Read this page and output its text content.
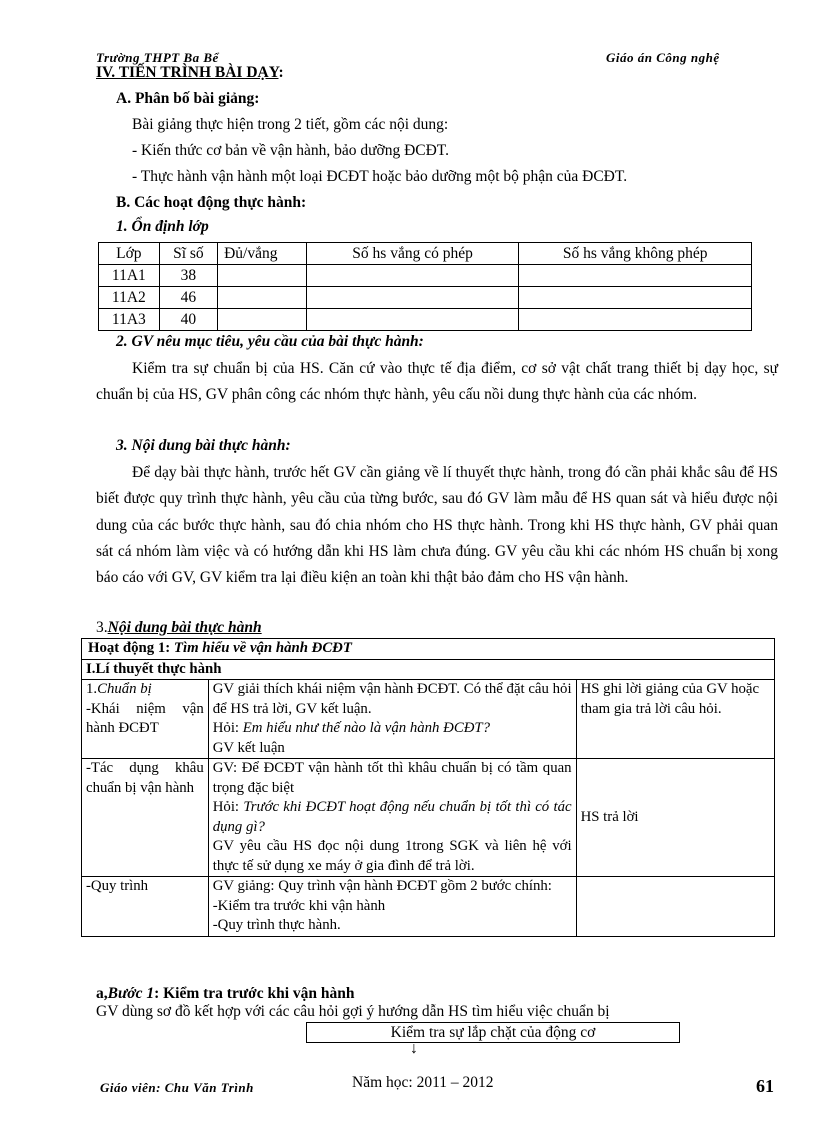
Trường THPT Ba Bể	Giáo án Công nghệ
IV. TIẾN TRÌNH BÀI DẠY:
A. Phân bố bài giảng:
Bài giảng thực hiện trong 2 tiết, gồm các nội dung:
- Kiến thức cơ bản về vận hành, bảo dưỡng ĐCĐT.
- Thực hành vận hành một loại ĐCĐT hoặc bảo dưỡng một bộ phận của ĐCĐT.
B. Các hoạt động thực hành:
1. Ổn định lớp
Lớp	Sĩ số	Đủ/vắng	Số hs vắng có phép	Số hs vắng không phép
11A1	38			
11A2	46			
11A3	40			
2. GV nêu mục tiêu, yêu cầu của bài thực hành:
Kiểm tra sự chuẩn bị của HS. Căn cứ vào thực tế địa điểm, cơ sở vật chất trang thiết bị dạy học, sự chuẩn bị của HS, GV phân công các nhóm thực hành, yêu cấu nồi dung thực hành của các nhóm.
3. Nội dung bài thực hành:
Để dạy bài thực hành, trước hết GV cần giảng về lí thuyết thực hành, trong đó cần phải khắc sâu để HS biết được quy trình thực hành, yêu cầu của từng bước, sau đó GV làm mẫu để HS quan sát và hiểu được nội dung của các bước thực hành, sau đó chia nhóm cho HS thực hành. Trong khi HS thực hành, GV phải quan sát cá nhóm làm việc và có hướng dẫn khi HS làm chưa đúng. GV yêu cầu khi các nhóm HS chuẩn bị xong báo cáo với GV, GV kiểm tra lại điều kiện an toàn khi thật bảo đảm cho HS vận hành.
3.Nội dung bài thực hành
Hoạt động 1: Tìm hiểu về vận hành ĐCĐT		
I.Lí thuyết thực hành		
1.Chuẩn bị
-Khái niệm vận hành ĐCĐT	GV giải thích khái niệm vận hành ĐCĐT. Có thể đặt câu hỏi để HS trả lời, GV kết luận.
Hỏi: Em hiểu như thế nào là vận hành ĐCĐT?
GV kết luận	HS ghi lời giảng của GV hoặc tham gia trả lời câu hỏi.
-Tác dụng khâu chuẩn bị vận hành	GV: Để ĐCĐT vận hành tốt thì khâu chuẩn bị có tầm quan trọng đặc biệt
Hỏi: Trước khi ĐCĐT hoạt động nếu chuẩn bị tốt thì có tác dụng gì?
GV yêu cầu HS đọc nội dung 1trong SGK và liên hệ với thực tế sử dụng xe máy ở gia đình để trả lời.	HS trả lời
-Quy trình	GV giảng: Quy trình vận hành ĐCĐT gồm 2 bước chính:
-Kiểm tra trước khi vận hành
-Quy trình thực hành.	
a,Bước 1: Kiểm tra trước khi vận hành
GV dùng sơ đồ kết hợp với các câu hỏi gợi ý hướng dẫn HS tìm hiểu việc chuẩn bị
Kiểm tra sự lắp chặt của động cơ
↓
Giáo viên: Chu Văn Trình	Năm học: 2011 – 2012	61
